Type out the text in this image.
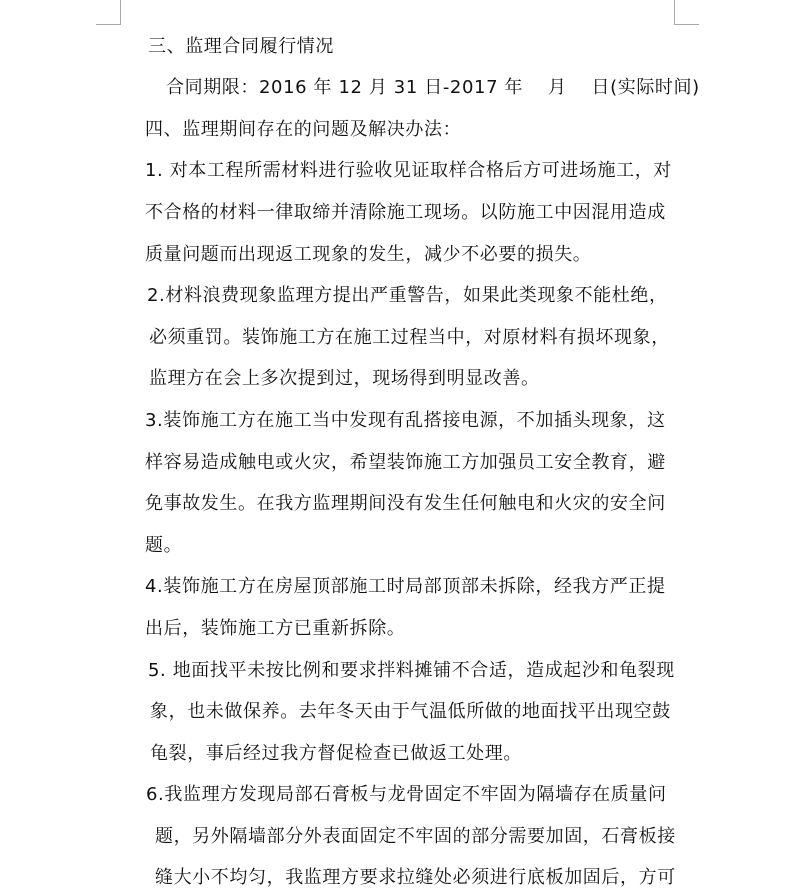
三、监理合同履行情况
合同期限：2016 年 12 月 31 日-2017 年　 月　 日(实际时间)
四、监理期间存在的问题及解决办法：
1. 对本工程所需材料进行验收见证取样合格后方可进场施工，对
不合格的材料一律取缔并清除施工现场。以防施工中因混用造成
质量问题而出现返工现象的发生，减少不必要的损失。
2.材料浪费现象监理方提出严重警告，如果此类现象不能杜绝，
必须重罚。装饰施工方在施工过程当中，对原材料有损坏现象，
监理方在会上多次提到过，现场得到明显改善。
3.装饰施工方在施工当中发现有乱搭接电源，不加插头现象，这
样容易造成触电或火灾，希望装饰施工方加强员工安全教育，避
免事故发生。在我方监理期间没有发生任何触电和火灾的安全问
题。
4.装饰施工方在房屋顶部施工时局部顶部未拆除，经我方严正提
出后，装饰施工方已重新拆除。
5. 地面找平未按比例和要求拌料摊铺不合适，造成起沙和龟裂现
象，也未做保养。去年冬天由于气温低所做的地面找平出现空鼓
龟裂，事后经过我方督促检查已做返工处理。
6.我监理方发现局部石膏板与龙骨固定不牢固为隔墙存在质量问
题，另外隔墙部分外表面固定不牢固的部分需要加固，石膏板接
缝大小不均匀，我监理方要求拉缝处必须进行底板加固后，方可
